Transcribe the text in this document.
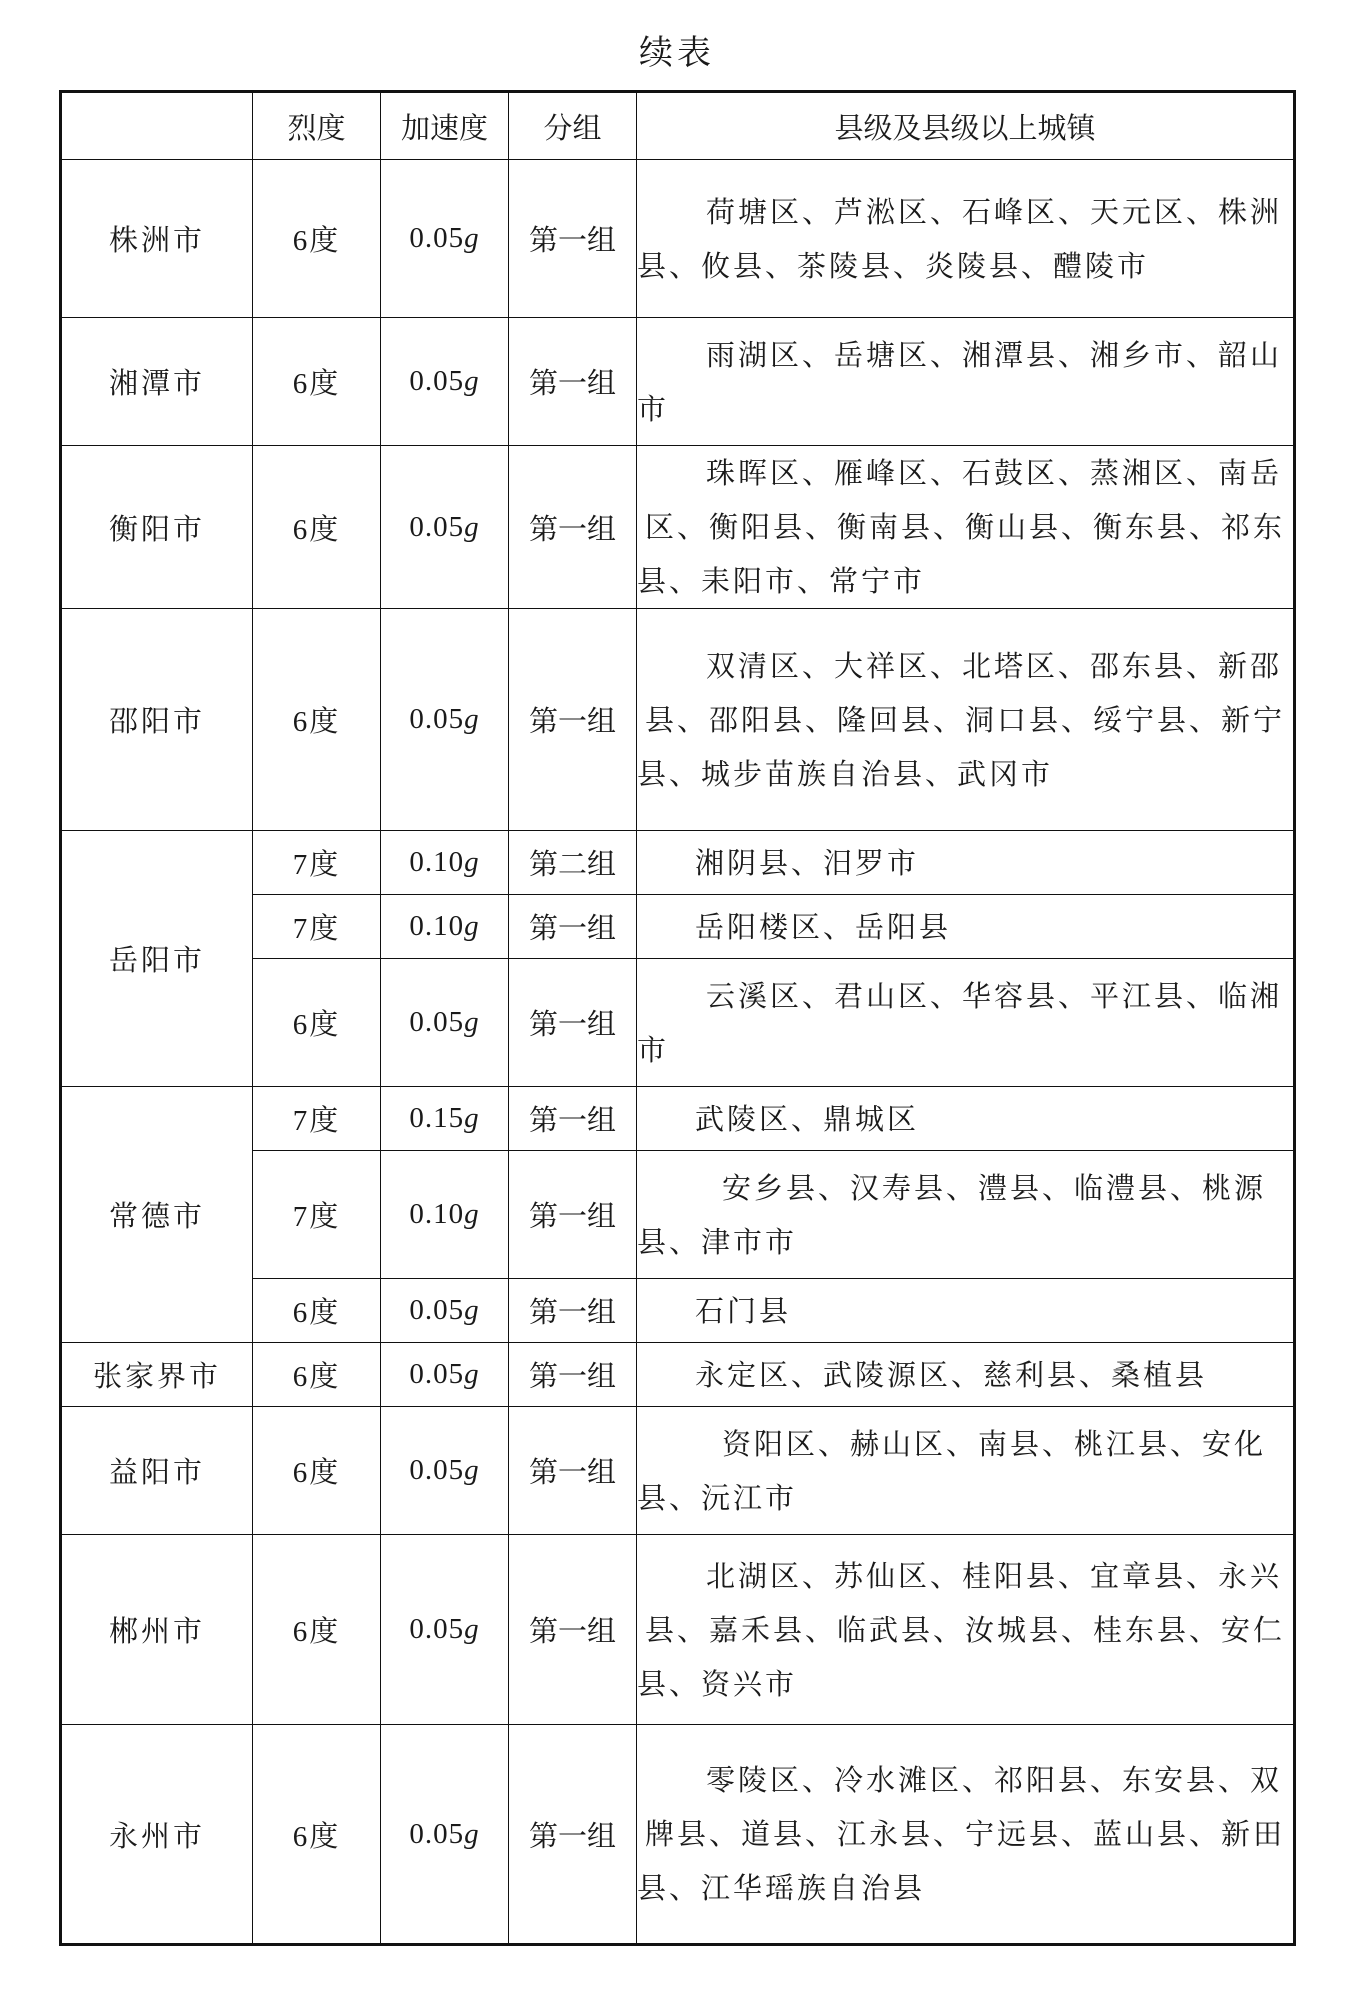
续表
	烈度	加速度	分组	县级及县级以上城镇
株洲市	6度	0.05g	第一组	荷塘区、芦淞区、石峰区、天元区、株洲县、攸县、茶陵县、炎陵县、醴陵市
湘潭市	6度	0.05g	第一组	雨湖区、岳塘区、湘潭县、湘乡市、韶山市
衡阳市	6度	0.05g	第一组	珠晖区、雁峰区、石鼓区、蒸湘区、南岳区、衡阳县、衡南县、衡山县、衡东县、祁东县、耒阳市、常宁市
邵阳市	6度	0.05g	第一组	双清区、大祥区、北塔区、邵东县、新邵县、邵阳县、隆回县、洞口县、绥宁县、新宁县、城步苗族自治县、武冈市
岳阳市	7度	0.10g	第二组	湘阴县、汨罗市
	7度	0.10g	第一组	岳阳楼区、岳阳县
	6度	0.05g	第一组	云溪区、君山区、华容县、平江县、临湘市
常德市	7度	0.15g	第一组	武陵区、鼎城区
	7度	0.10g	第一组	安乡县、汉寿县、澧县、临澧县、桃源县、津市市
	6度	0.05g	第一组	石门县
张家界市	6度	0.05g	第一组	永定区、武陵源区、慈利县、桑植县
益阳市	6度	0.05g	第一组	资阳区、赫山区、南县、桃江县、安化县、沅江市
郴州市	6度	0.05g	第一组	北湖区、苏仙区、桂阳县、宜章县、永兴县、嘉禾县、临武县、汝城县、桂东县、安仁县、资兴市
永州市	6度	0.05g	第一组	零陵区、冷水滩区、祁阳县、东安县、双牌县、道县、江永县、宁远县、蓝山县、新田县、江华瑶族自治县
